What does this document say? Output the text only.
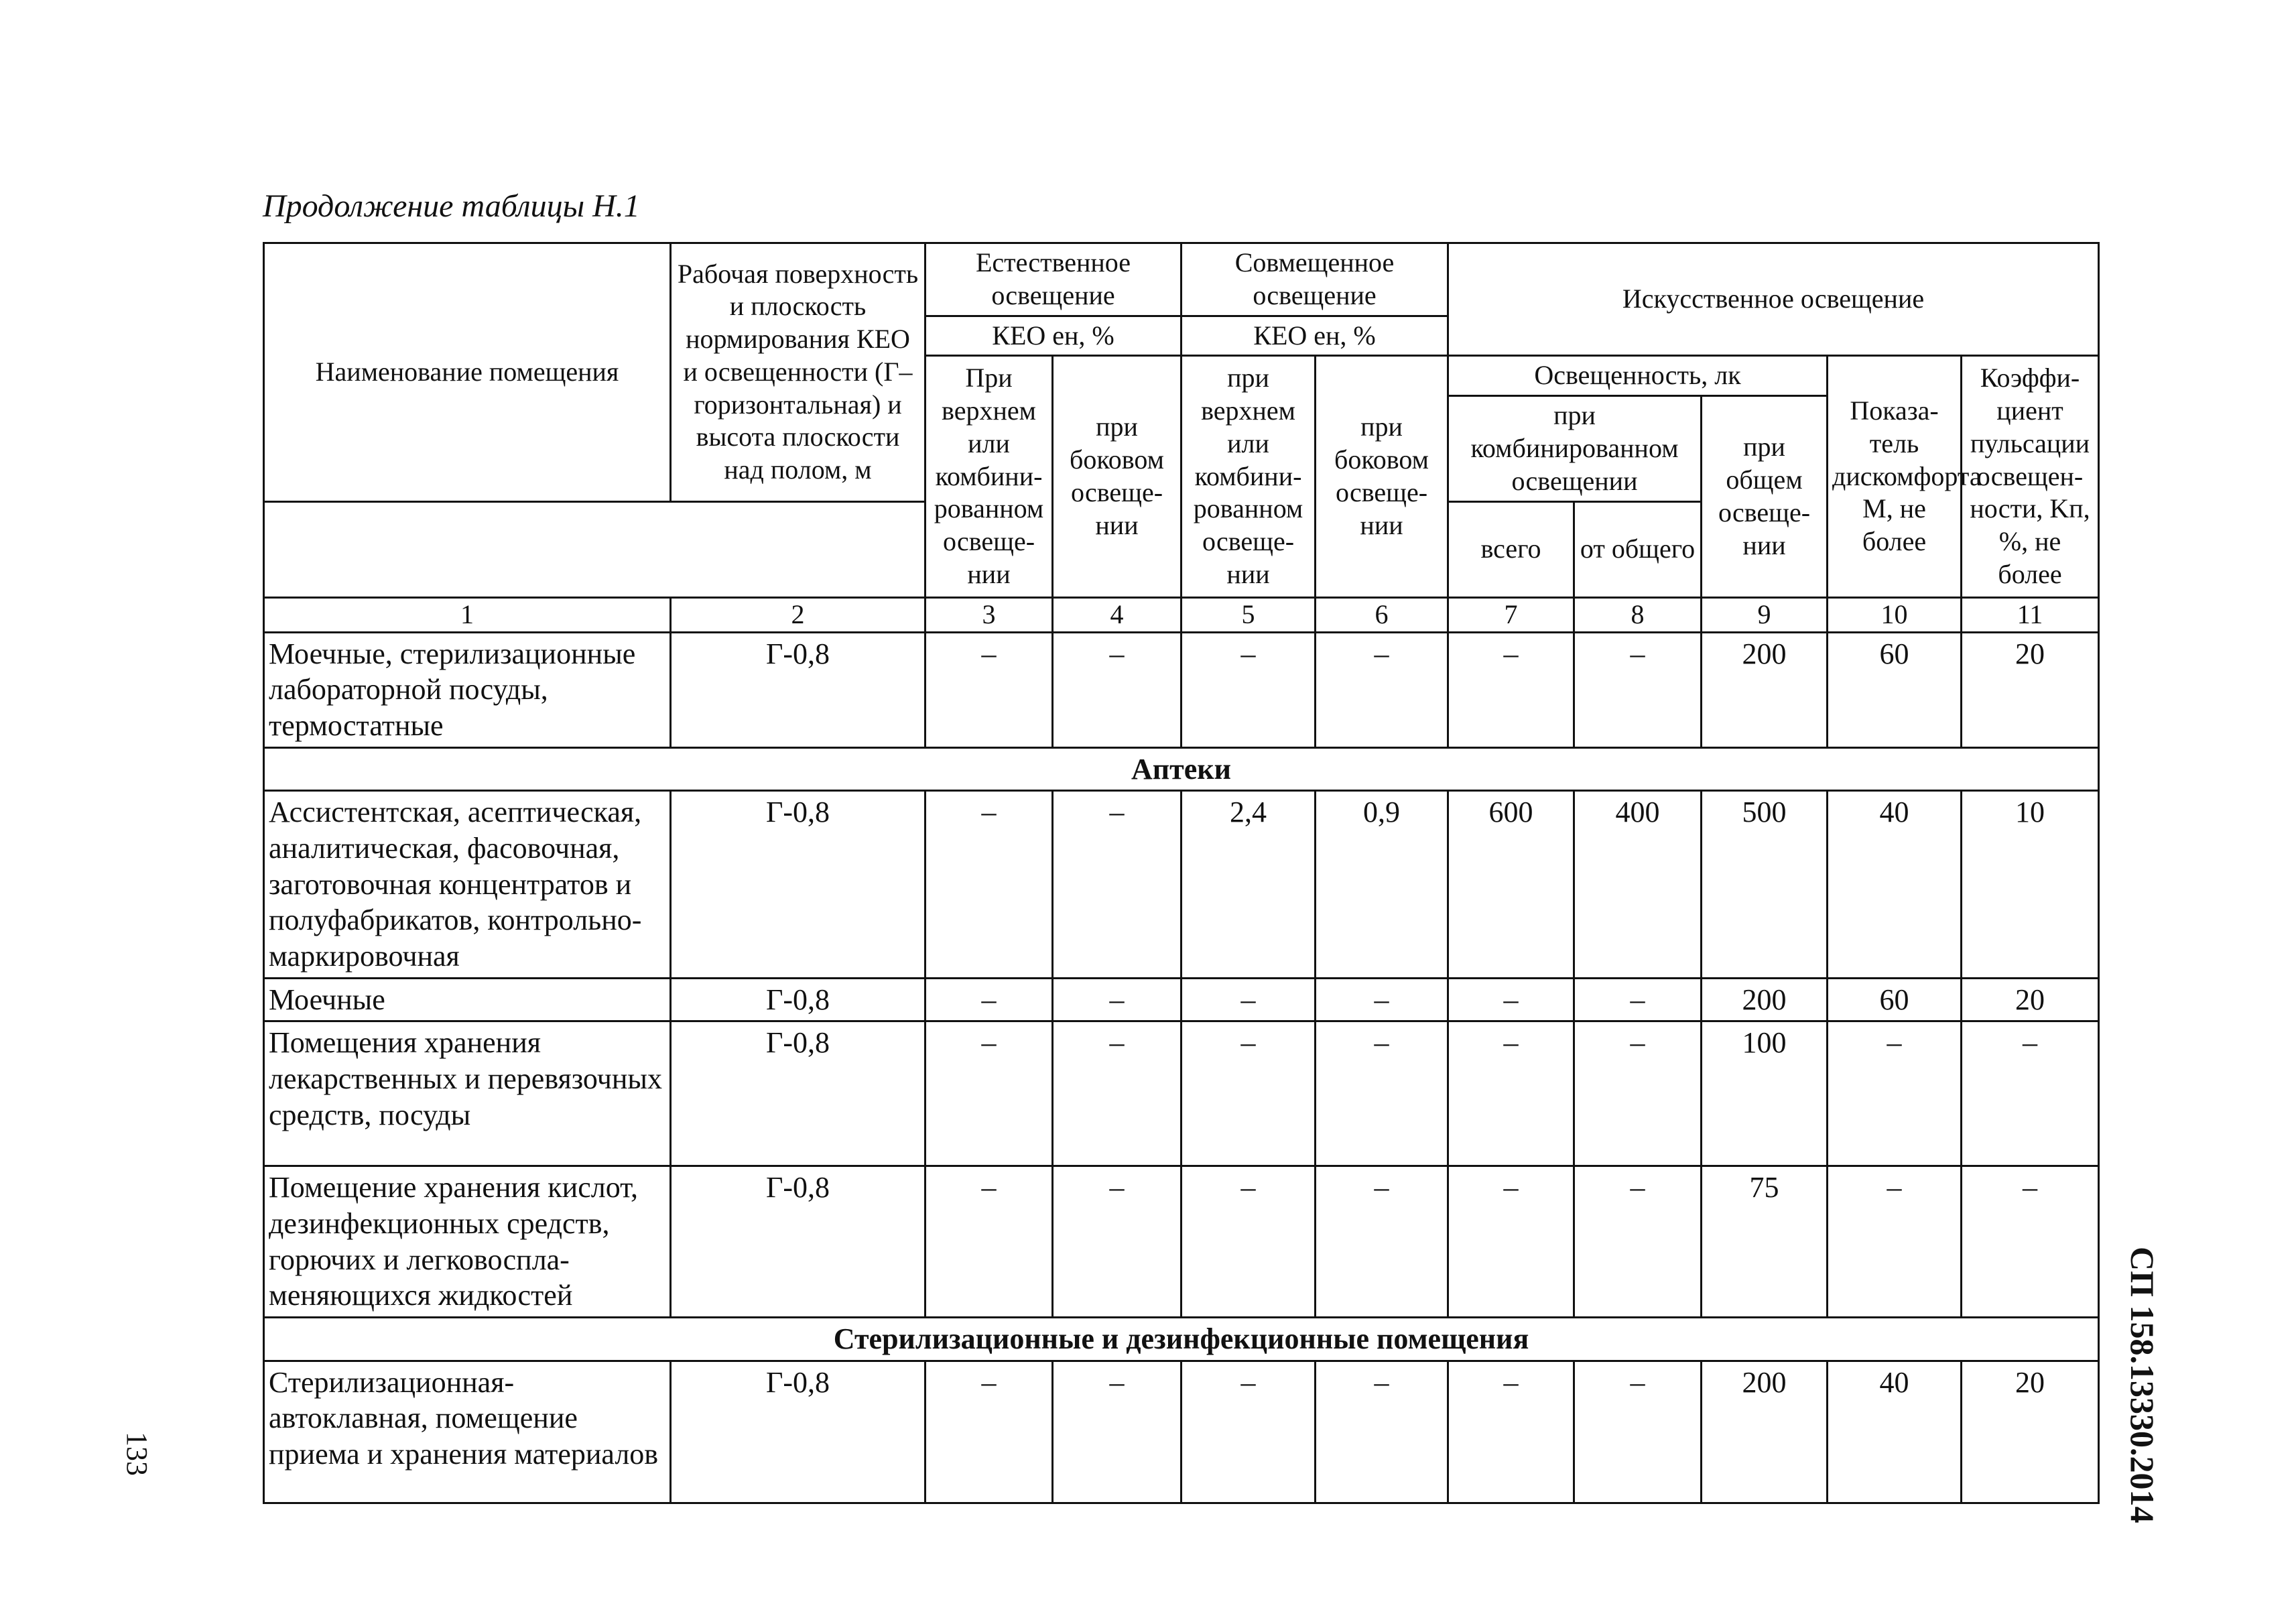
Продолжение таблицы Н.1
Наименование помещения	Рабочая поверхность и плоскость нормирования КЕО и освещенности (Г–горизонтальная) и высота плоскости над полом, м	Естественное освещение		Совмещенное освещение		Искусственное освещение				
		КЕО eн, %		КЕО eн, %						
		При верхнем или комбини-рованном освеще-нии	при боковом освеще-нии	при верхнем или комбини-рованном освеще-нии	при боковом освеще-нии	Освещенность, лк			Показа-тель дискомфорта M, не более	Коэффи-циент пульсации освещен-ности, Kп, %, не более
						при комбинированном освещении		при общем освеще-нии		
						всего	от общего			
1	2	3	4	5	6	7	8	9	10	11
Моечные, стерилизационные лабораторной посуды, термостатные	Г-0,8	–	–	–	–	–	–	200	60	20
Аптеки										
Ассистентская, асептическая, аналитическая, фасовочная, заготовочная концентратов и полуфабрикатов, контрольно-маркировочная	Г-0,8	–	–	2,4	0,9	600	400	500	40	10
Моечные	Г-0,8	–	–	–	–	–	–	200	60	20
Помещения хранения лекарственных и перевязочных средств, посуды	Г-0,8	–	–	–	–	–	–	100	–	–
Помещение хранения кислот, дезинфекционных средств, горючих и легковоспла-меняющихся жидкостей	Г-0,8	–	–	–	–	–	–	75	–	–
Стерилизационные и дезинфекционные помещения										
Стерилизационная-автоклавная, помещение приема и хранения материалов	Г-0,8	–	–	–	–	–	–	200	40	20 СП 158.13330.2014
133
